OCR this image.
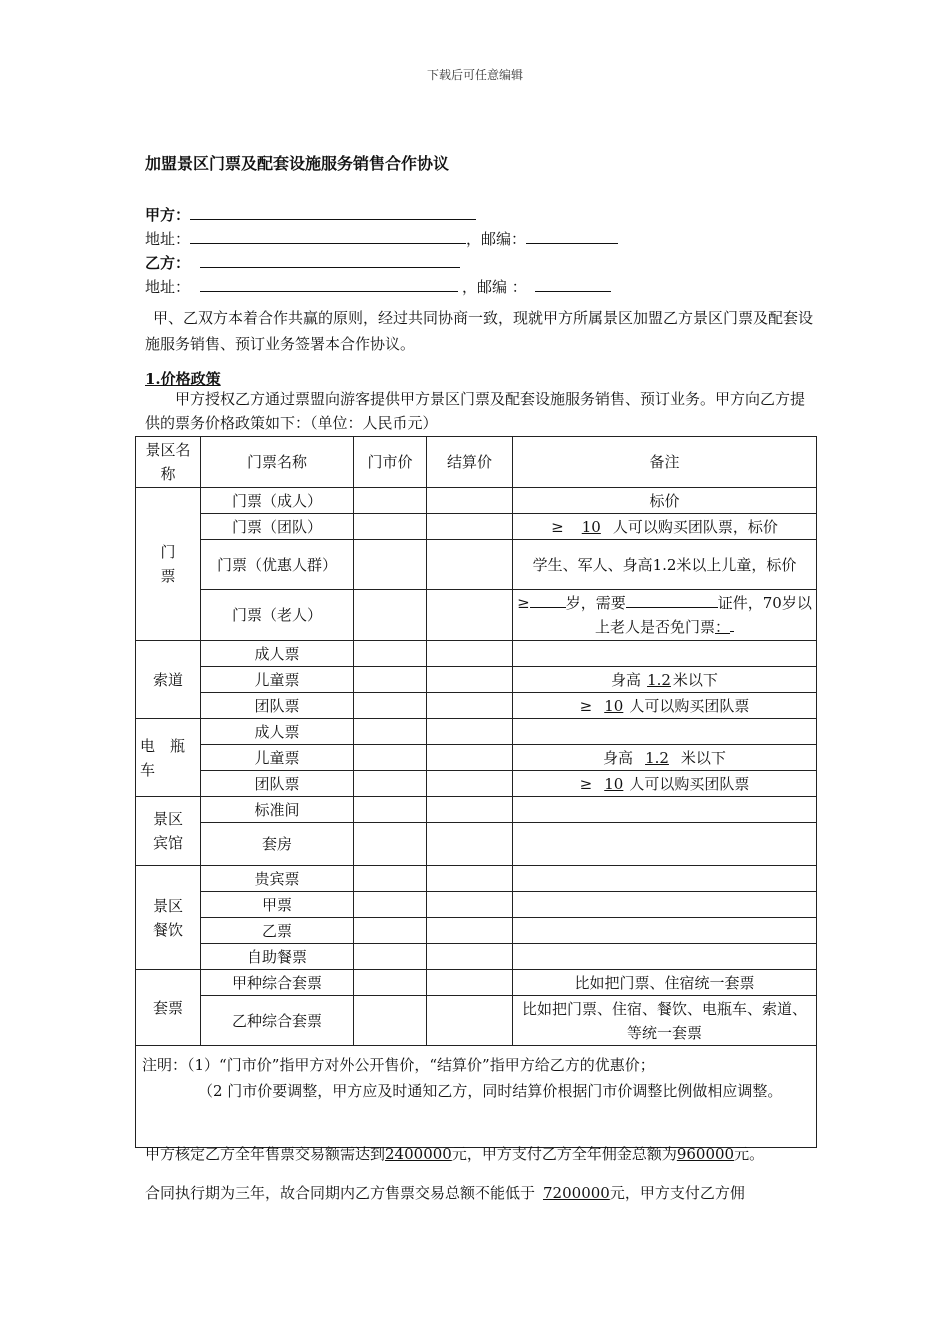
下载后可任意编辑
加盟景区门票及配套设施服务销售合作协议
甲方：
地址：	，邮编：
乙方：
地址：	，邮编 ：
甲、乙双方本着合作共赢的原则，经过共同协商一致，现就甲方所属景区加盟乙方景区门票及配套设施服务销售、预订业务签署本合作协议。
1.价格政策
甲方授权乙方通过票盟向游客提供甲方景区门票及配套设施服务销售、预订业务。甲方向乙方提供的票务价格政策如下：（单位：人民币元）
景区名称	门票名称	门市价	结算价	备注
门票	门票（成人）			标价
	门票（团队）			≥ 10 人可以购买团队票，标价
	门票（优惠人群）			学生、军人、身高1.2米以上儿童，标价
	门票（老人）			≥ 岁，需要 证件，70岁以上老人是否免门票：
索道	成人票			
	儿童票			身高 1.2 米以下
	团队票			≥ 10 人可以购买团队票
电　瓶车	成人票			
	儿童票			身高 1.2 米以下
	团队票			≥ 10 人可以购买团队票
景区宾馆	标准间			
	套房			
景区餐饮	贵宾票			
	甲票			
	乙票			
	自助餐票			
套票	甲种综合套票			比如把门票、住宿统一套票
	乙种综合套票			比如把门票、住宿、餐饮、电瓶车、索道、等统一套票

注明：（1）“门市价”指甲方对外公开售价，“结算价”指甲方给乙方的优惠价；
（2 门市价要调整，甲方应及时通知乙方，同时结算价根据门市价调整比例做相应调整。				
甲方核定乙方全年售票交易额需达到2400000元，甲方支付乙方全年佣金总额为960000元。
合同执行期为三年，故合同期内乙方售票交易总额不能低于 7200000元，甲方支付乙方佣
